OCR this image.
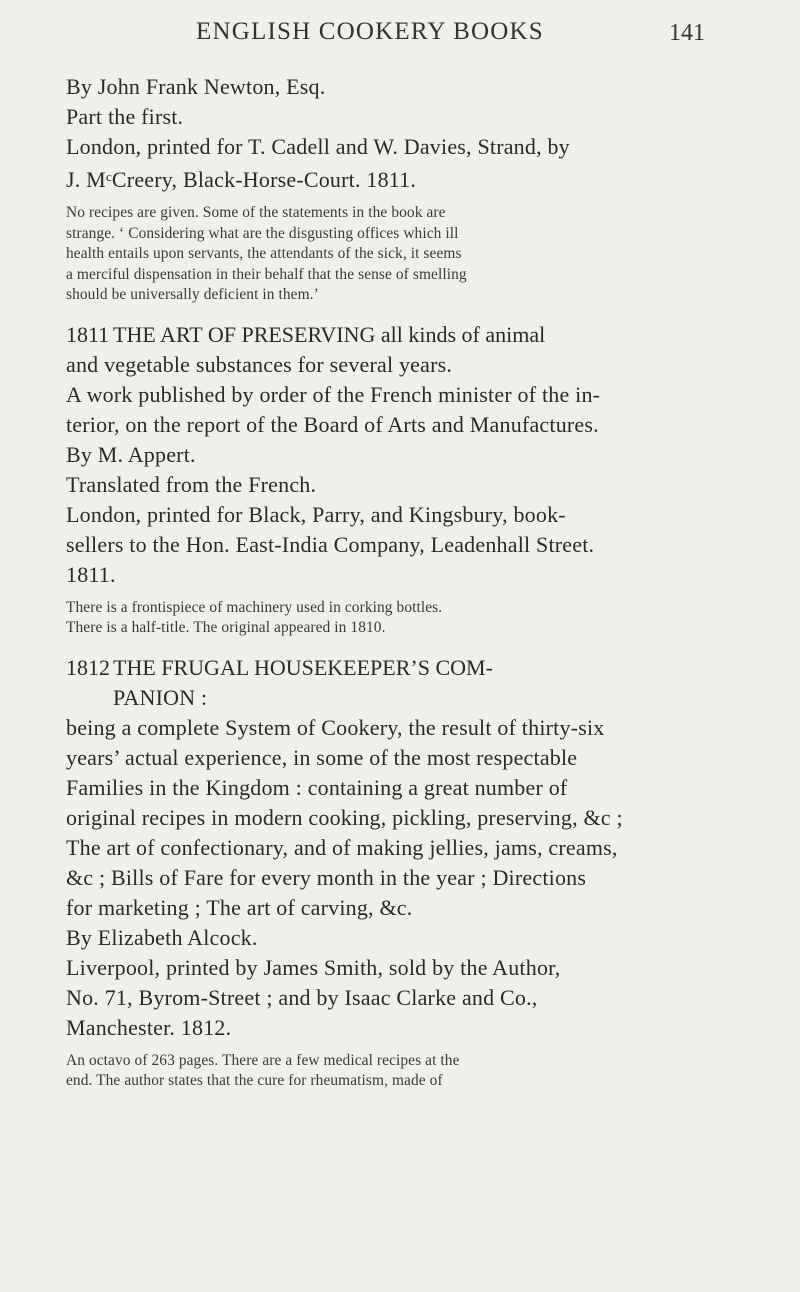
ENGLISH COOKERY BOOKS	141
By John Frank Newton, Esq.
Part the first.
London, printed for T. Cadell and W. Davies, Strand, by
J. $M^cCreery$, Black-Horse-Court. 1811.
No recipes are given. Some of the statements in the book are
strange. ‘ Considering what are the disgusting offices which ill
health entails upon servants, the attendants of the sick, it seems
a merciful dispensation in their behalf that the sense of smelling
should be universally deficient in them.’
1811 THE ART OF PRESERVING all kinds of animal
and vegetable substances for several years.
A work published by order of the French minister of the in-
terior, on the report of the Board of Arts and Manufactures.
By M. Appert.
Translated from the French.
London, printed for Black, Parry, and Kingsbury, book-
sellers to the Hon. East-India Company, Leadenhall Street.
1811.
There is a frontispiece of machinery used in corking bottles.
There is a half-title. The original appeared in 1810.
1812 THE FRUGAL HOUSEKEEPER’S COM-
PANION :
being a complete System of Cookery, the result of thirty-six
years’ actual experience, in some of the most respectable
Families in the Kingdom : containing a great number of
original recipes in modern cooking, pickling, preserving, &c ;
The art of confectionary, and of making jellies, jams, creams,
&c ; Bills of Fare for every month in the year ; Directions
for marketing ; The art of carving, &c.
By Elizabeth Alcock.
Liverpool, printed by James Smith, sold by the Author,
No. 71, Byrom-Street ; and by Isaac Clarke and Co.,
Manchester. 1812.
An octavo of 263 pages. There are a few medical recipes at the
end. The author states that the cure for rheumatism, made of
